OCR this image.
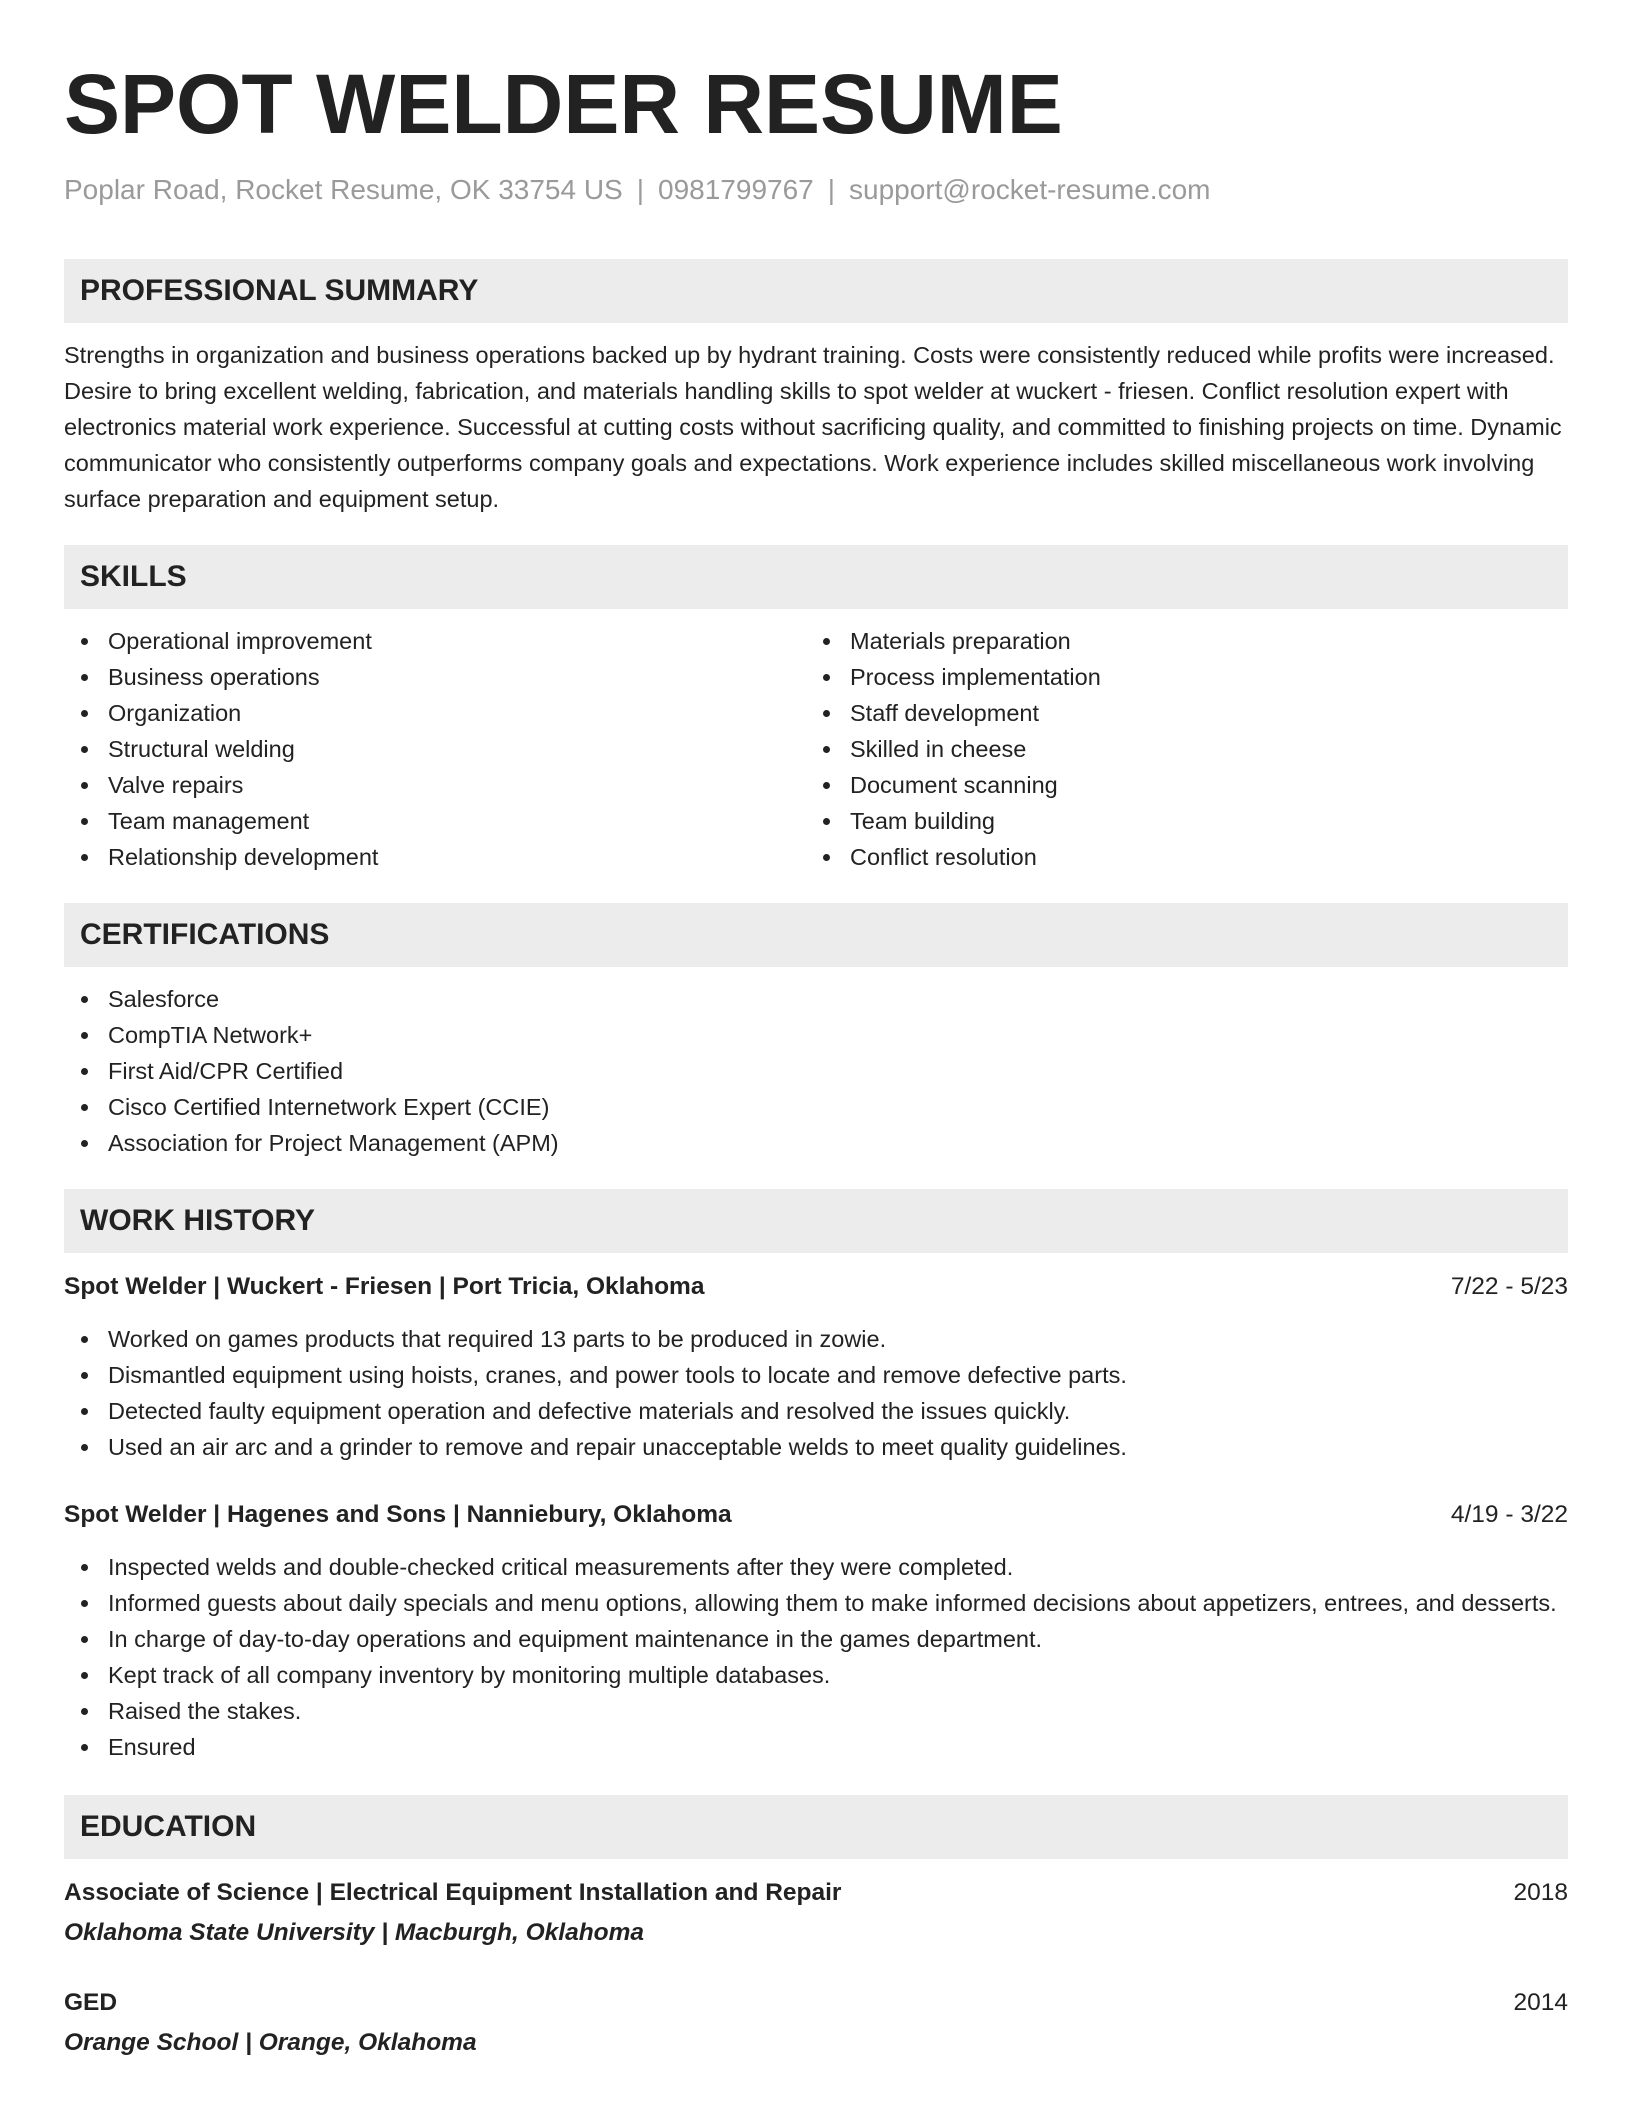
SPOT WELDER RESUME
Poplar Road, Rocket Resume, OK 33754 US | 0981799767 | support@rocket-resume.com
PROFESSIONAL SUMMARY

Strengths in organization and business operations backed up by hydrant training. Costs were consistently reduced while profits were increased. Desire to bring excellent welding, fabrication, and materials handling skills to spot welder at wuckert - friesen. Conflict resolution expert with electronics material work experience. Successful at cutting costs without sacrificing quality, and committed to finishing projects on time. Dynamic communicator who consistently outperforms company goals and expectations. Work experience includes skilled miscellaneous work involving surface preparation and equipment setup.

SKILLS
Operational improvement
Business operations
Organization
Structural welding
Valve repairs
Team management
Relationship development
Materials preparation
Process implementation
Staff development
Skilled in cheese
Document scanning
Team building
Conflict resolution
CERTIFICATIONS
Salesforce
CompTIA Network+
First Aid/CPR Certified
Cisco Certified Internetwork Expert (CCIE)
Association for Project Management (APM)
WORK HISTORY
Spot Welder | Wuckert - Friesen | Port Tricia, Oklahoma	7/22 - 5/23
Worked on games products that required 13 parts to be produced in zowie.
Dismantled equipment using hoists, cranes, and power tools to locate and remove defective parts.
Detected faulty equipment operation and defective materials and resolved the issues quickly.
Used an air arc and a grinder to remove and repair unacceptable welds to meet quality guidelines.
Spot Welder | Hagenes and Sons | Nanniebury, Oklahoma	4/19 - 3/22
Inspected welds and double-checked critical measurements after they were completed.
Informed guests about daily specials and menu options, allowing them to make informed decisions about appetizers, entrees, and desserts.
In charge of day-to-day operations and equipment maintenance in the games department.
Kept track of all company inventory by monitoring multiple databases.
Raised the stakes.
Ensured
EDUCATION
Associate of Science | Electrical Equipment Installation and Repair	2018
Oklahoma State University | Macburgh, Oklahoma
GED	2014
Orange School | Orange, Oklahoma
